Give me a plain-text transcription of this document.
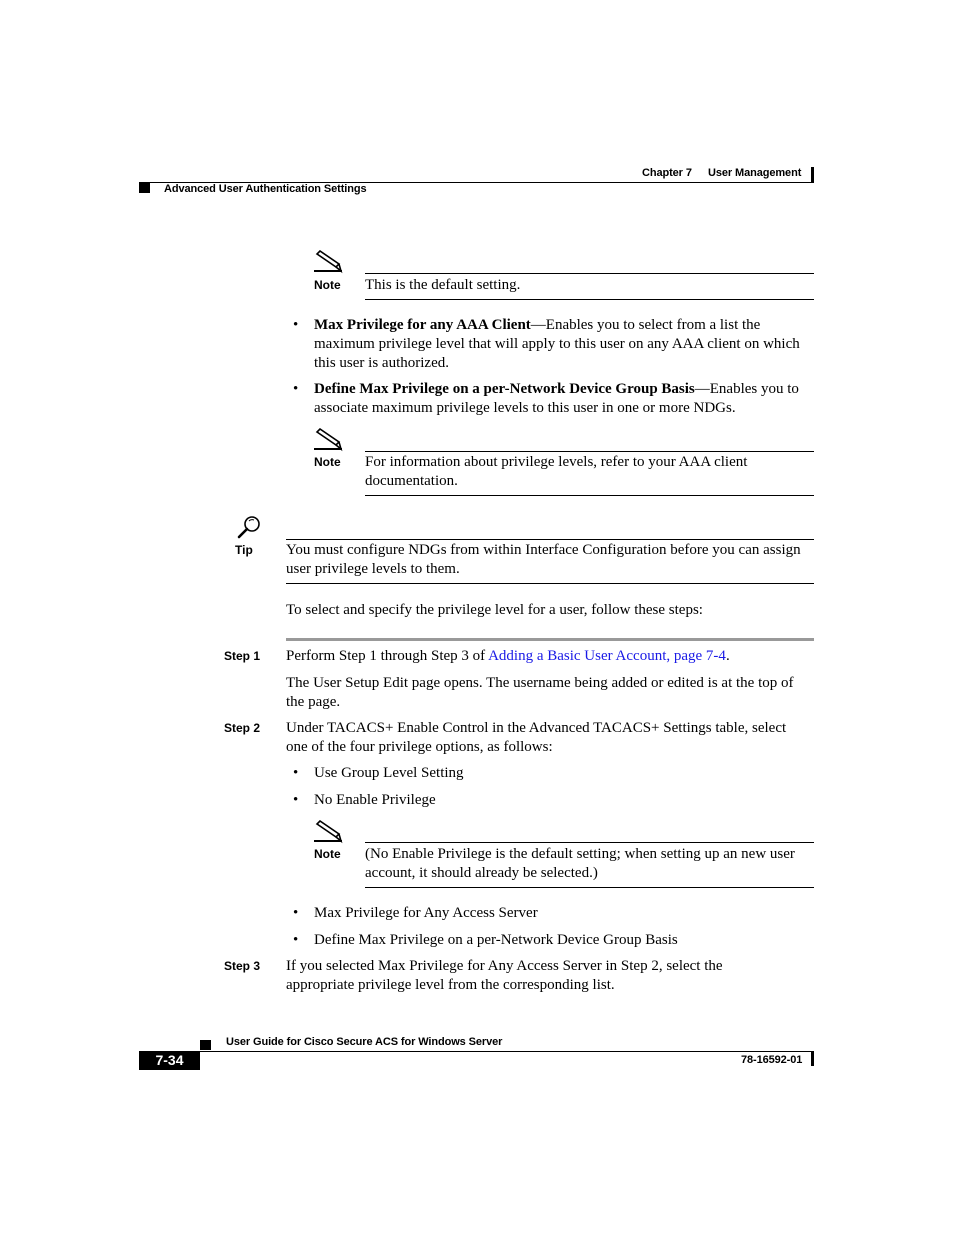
Chapter 7 User Management
Advanced User Authentication Settings
Note This is the default setting.
• Max Privilege for any AAA Client—Enables you to select from a list the maximum privilege level that will apply to this user on any AAA client on which this user is authorized.
• Define Max Privilege on a per-Network Device Group Basis—Enables you to associate maximum privilege levels to this user in one or more NDGs.
Note For information about privilege levels, refer to your AAA client documentation.
Tip You must configure NDGs from within Interface Configuration before you can assign user privilege levels to them.
To select and specify the privilege level for a user, follow these steps:
Step 1 Perform Step 1 through Step 3 of Adding a Basic User Account, page 7-4.
The User Setup Edit page opens. The username being added or edited is at the top of the page.
Step 2 Under TACACS+ Enable Control in the Advanced TACACS+ Settings table, select one of the four privilege options, as follows:
• Use Group Level Setting
• No Enable Privilege
Note (No Enable Privilege is the default setting; when setting up an new user account, it should already be selected.)
• Max Privilege for Any Access Server
• Define Max Privilege on a per-Network Device Group Basis
Step 3 If you selected Max Privilege for Any Access Server in Step 2, select the appropriate privilege level from the corresponding list.
User Guide for Cisco Secure ACS for Windows Server
7-34	78-16592-01
